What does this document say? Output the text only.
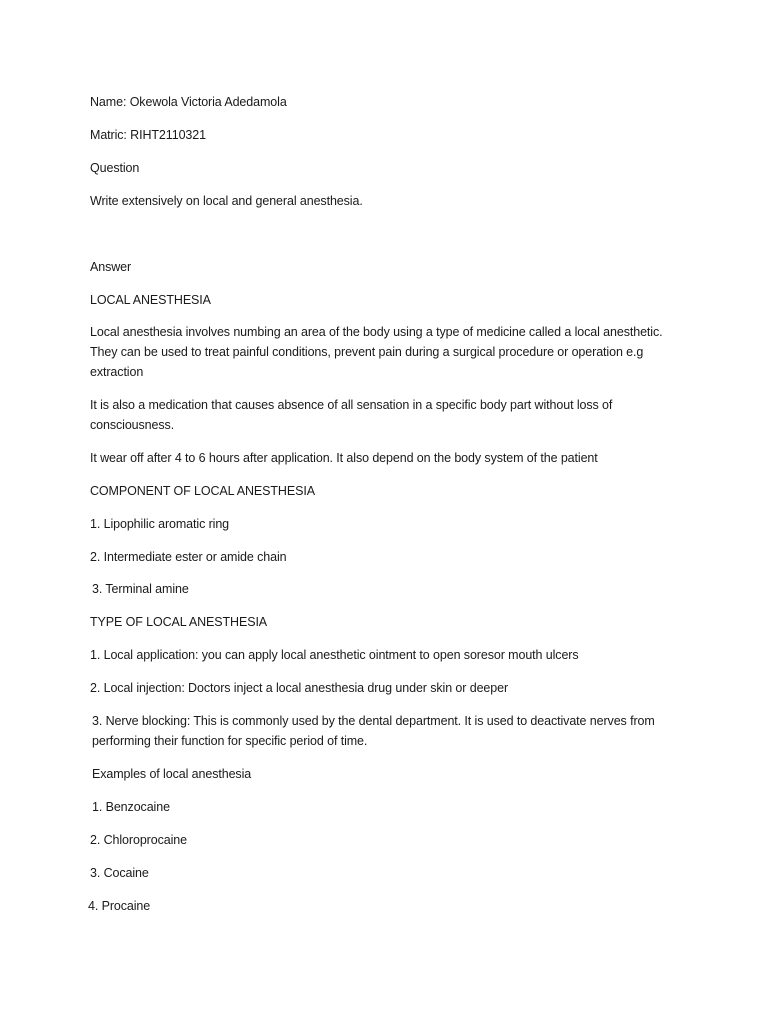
Name: Okewola Victoria Adedamola
Matric: RIHT2110321
Question
Write extensively on local and general anesthesia.
Answer
LOCAL ANESTHESIA
Local anesthesia involves numbing an area of the body using a type of medicine called a local anesthetic. They can be used to treat painful conditions, prevent pain during a surgical procedure or operation e.g extraction
It is also a medication that causes absence of all sensation in a specific body part without loss of consciousness.
It wear off after 4 to 6 hours after application. It also depend on the body system of the patient
COMPONENT OF LOCAL ANESTHESIA
1. Lipophilic aromatic ring
2. Intermediate ester or amide chain
3. Terminal amine
TYPE OF LOCAL ANESTHESIA
1. Local application: you can apply local anesthetic ointment to open soresor mouth ulcers
2. Local injection: Doctors inject a local anesthesia drug under skin or deeper
3. Nerve blocking: This is commonly used by the dental department. It is used to deactivate nerves from performing their function for specific period of time.
Examples of local anesthesia
1. Benzocaine
2. Chloroprocaine
3. Cocaine
4. Procaine
